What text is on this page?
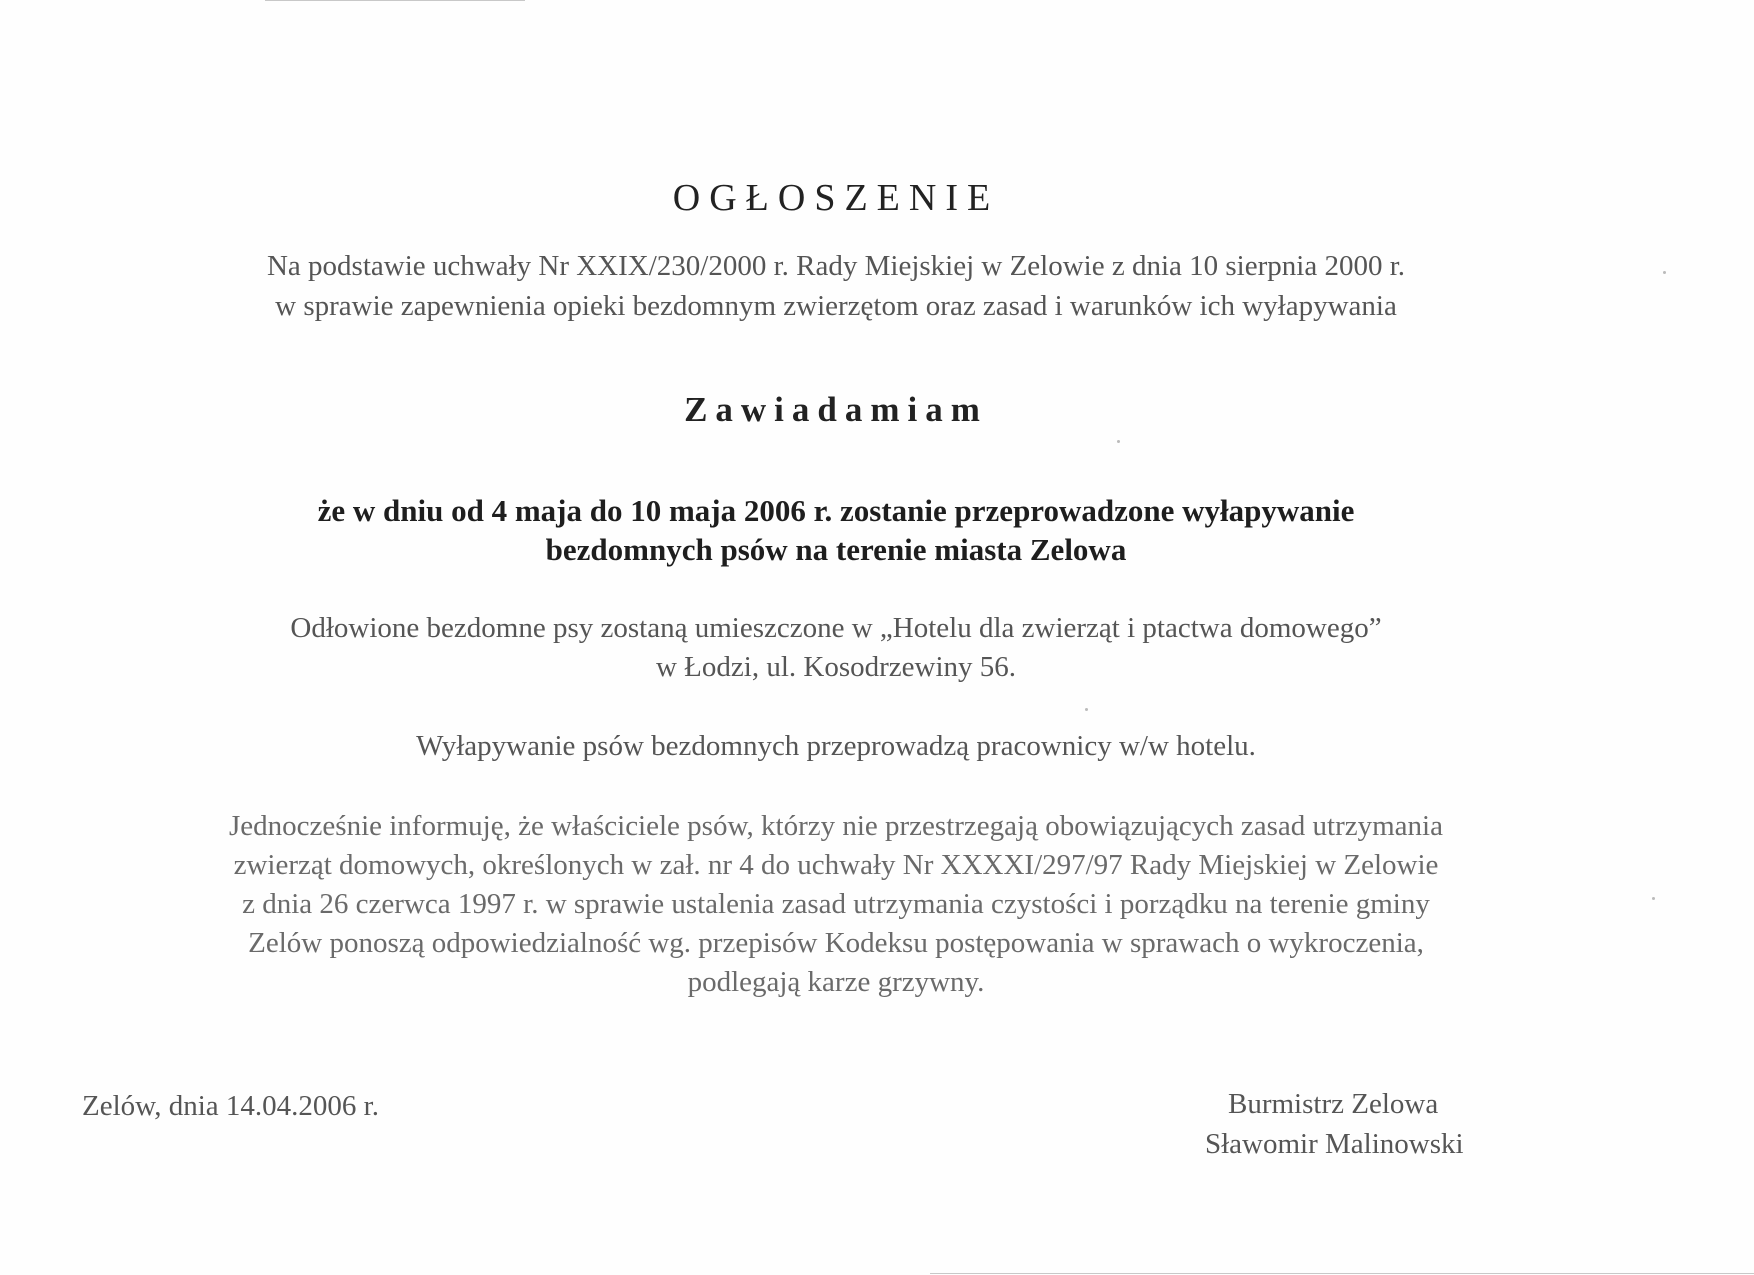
OGŁOSZENIE
Na podstawie uchwały Nr XXIX/230/2000 r. Rady Miejskiej w Zelowie z dnia 10 sierpnia 2000 r.
w sprawie zapewnienia opieki bezdomnym zwierzętom oraz zasad i warunków ich wyłapywania
Zawiadamiam
że w dniu od 4 maja do 10 maja 2006 r. zostanie przeprowadzone wyłapywanie
bezdomnych psów na terenie miasta Zelowa
Odłowione bezdomne psy zostaną umieszczone w „Hotelu dla zwierząt i ptactwa domowego”
w Łodzi, ul. Kosodrzewiny 56.
Wyłapywanie psów bezdomnych przeprowadzą pracownicy w/w hotelu.
Jednocześnie informuję, że właściciele psów, którzy nie przestrzegają obowiązujących zasad utrzymania
zwierząt domowych, określonych w zał. nr 4 do uchwały Nr XXXXI/297/97 Rady Miejskiej w Zelowie
z dnia 26 czerwca 1997 r. w sprawie ustalenia zasad utrzymania czystości i porządku na terenie gminy
Zelów ponoszą odpowiedzialność wg. przepisów Kodeksu postępowania w sprawach o wykroczenia,
podlegają karze grzywny.
Zelów, dnia 14.04.2006 r.	Burmistrz Zelowa
Sławomir Malinowski
